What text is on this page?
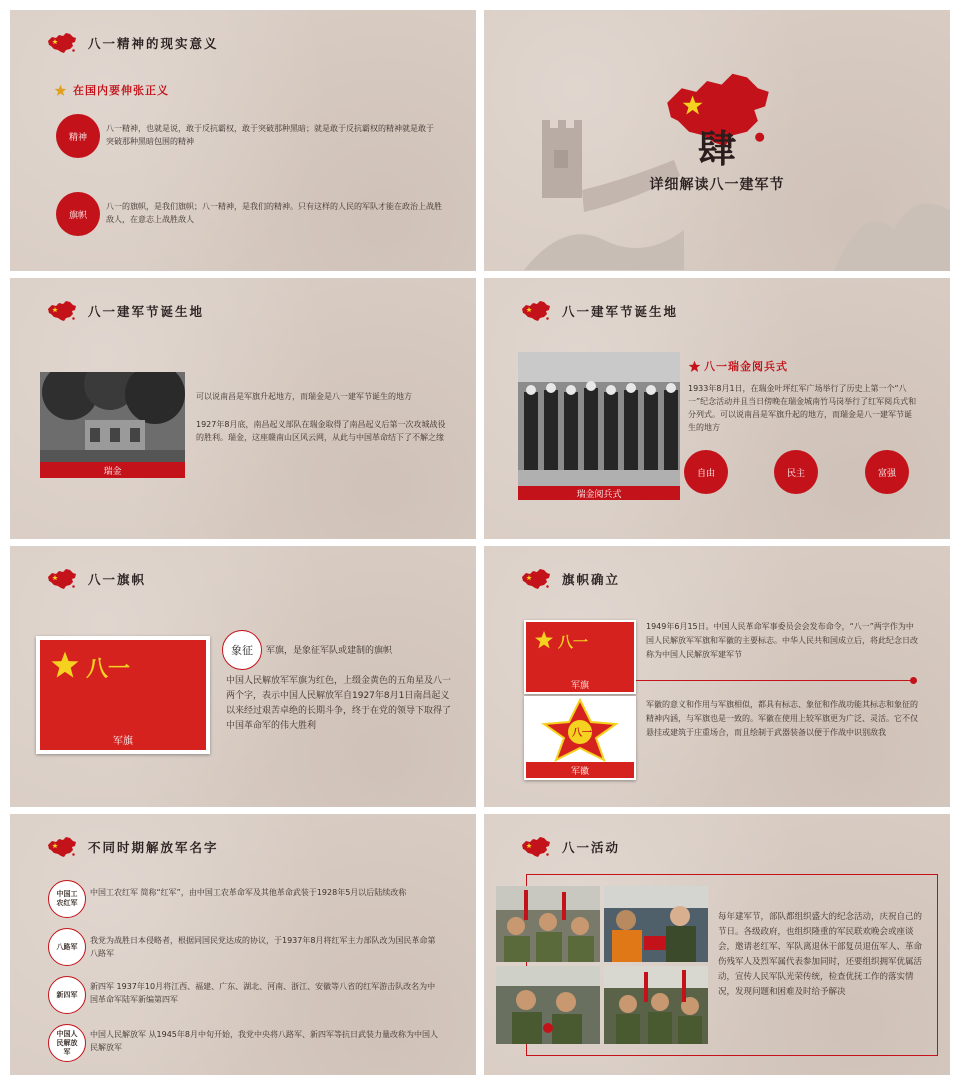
八一精神的现实意义
在国内要伸张正义
精神
八一精神，也就是说，敢于反抗霸权，敢于突破那种黑暗；就是敢于反抗霸权的精神就是敢于突破那种黑暗包围的精神
旗帜
八一的旗帜，是我们旗帜；八一精神，是我们的精神。只有这样的人民的军队才能在政治上战胜敌人，在意志上战胜敌人
肆
详细解读八一建军节
八一建军节诞生地
瑞金
可以说南昌是军旗升起地方，而瑞金是八一建军节诞生的地方
1927年8月底，南昌起义部队在瑞金取得了南昌起义后第一次攻城战役的胜利。瑞金，这座赣南山区风云网，从此与中国革命结下了不解之缘
八一建军节诞生地
瑞金阅兵式
八一瑞金阅兵式
1933年8月1日，在瑞金叶坪红军广场举行了历史上第一个“八一”纪念活动并且当日傍晚在瑞金城南竹马岗举行了红军阅兵式和分列式。可以说南昌是军旗升起的地方，而瑞金是八一建军节诞生的地方
自由	民主	富强
八一旗帜
八一
军旗
象征	军旗，是象征军队或建制的旗帜
中国人民解放军军旗为红色，上缀金黄色的五角星及八一两个字，表示中国人民解放军自1927年8月1日南昌起义以来经过艰苦卓绝的长期斗争，终于在党的领导下取得了中国革命军的伟大胜利
旗帜确立
八一
军旗
八一
军徽
1949年6月15日。中国人民革命军事委员会会发布命令，“八一”两字作为中国人民解放军军旗和军徽的主要标志。中华人民共和国成立后，将此纪念日改称为中国人民解放军建军节
军徽的意义和作用与军旗相似，都具有标志、象征和作战功能其标志和象征的精神内涵，与军旗也是一致的。军徽在使用上较军旗更为广泛、灵活。它不仅悬挂或建筑于庄重场合，而且绘制于武器装备以便于作战中识别敌我
不同时期解放军名字
中国工农红军
中国工农红军 简称“红军”，由中国工农革命军及其他革命武装于1928年5月以后陆续改称
八路军
我党为战胜日本侵略者，根据同国民党达成的协议，于1937年8月将红军主力部队改为国民革命第八路军
新四军
新四军 1937年10月将江西、福建、广东、湖北、河南、浙江、安徽等八省的红军游击队改名为中国革命军陆军新编第四军
中国人民解放军
中国人民解放军 从1945年8月中旬开始，我党中央将八路军、新四军等抗日武装力量改称为中国人民解放军
八一活动
每年建军节，部队都组织盛大的纪念活动，庆祝自己的节日。各级政府，也组织隆重的军民联欢晚会或座谈会，邀请老红军、军队离退休干部复员退伍军人、革命伤残军人及烈军属代表参加同时，还要组织拥军优属活动，宣传人民军队光荣传统，检查优抚工作的落实情况，发现问题和困难及时给予解决
